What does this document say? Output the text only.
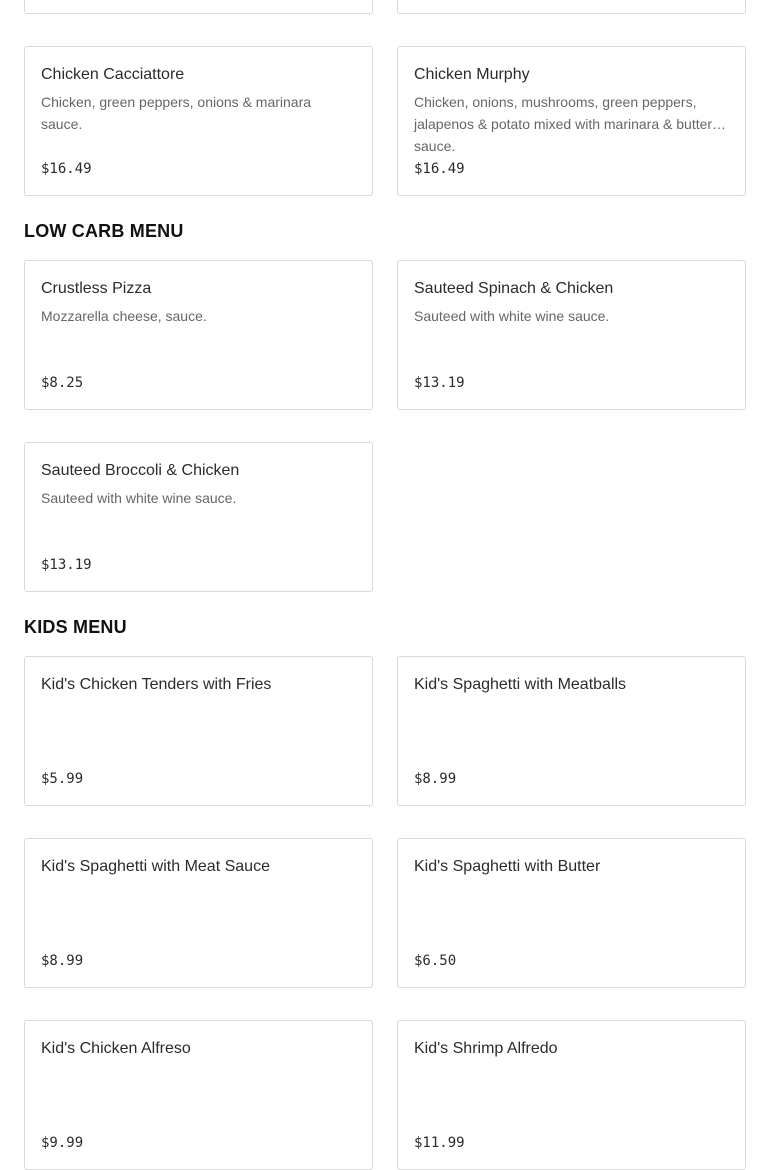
Chicken Cacciattore
Chicken, green peppers, onions & marinara sauce.
$16.49
Chicken Murphy
Chicken, onions, mushrooms, green peppers, jalapenos & potato mixed with marinara & butter sauce.
$16.49
LOW CARB MENU
Crustless Pizza
Mozzarella cheese, sauce.
$8.25
Sauteed Spinach & Chicken
Sauteed with white wine sauce.
$13.19
Sauteed Broccoli & Chicken
Sauteed with white wine sauce.
$13.19
KIDS MENU
Kid's Chicken Tenders with Fries
$5.99
Kid's Spaghetti with Meatballs
$8.99
Kid's Spaghetti with Meat Sauce
$8.99
Kid's Spaghetti with Butter
$6.50
Kid's Chicken Alfreso
$9.99
Kid's Shrimp Alfredo
$11.99
